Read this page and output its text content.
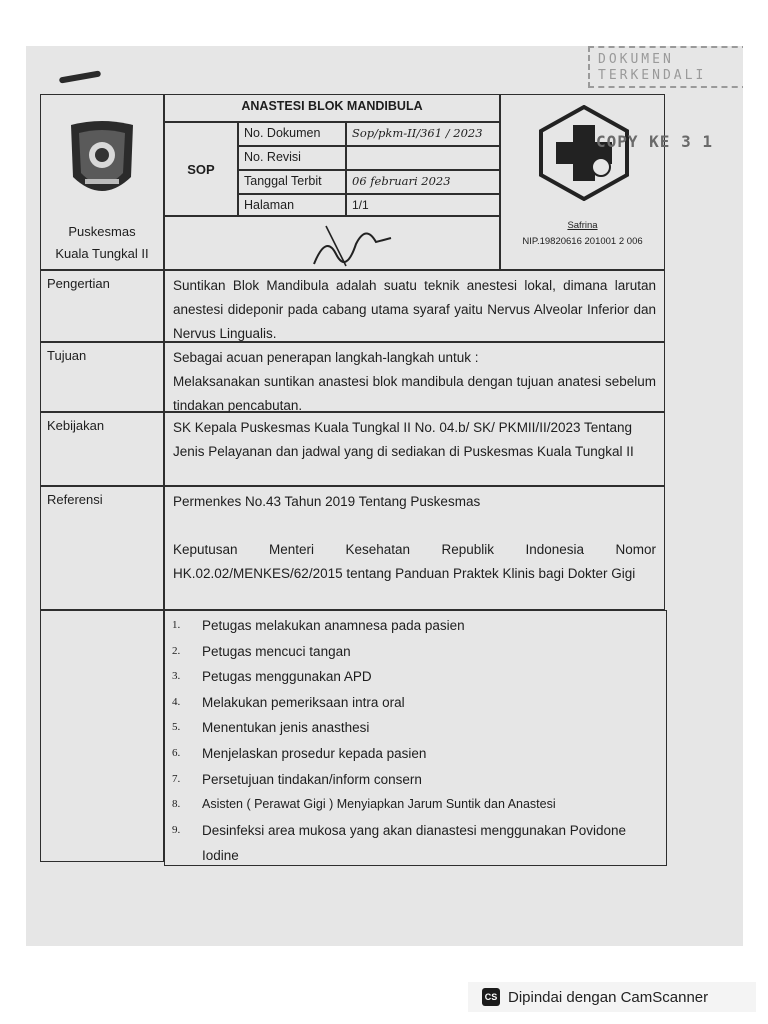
DOKUMEN
TERKENDALI
Puskesmas
Kuala Tungkal II
ANASTESI BLOK MANDIBULA
SOP
No. Dokumen	Sop/pkm-II/361 / 2023
No. Revisi
Tanggal Terbit	06 februari 2023
Halaman	1/1
Safrina
NIP.19820616 201001 2 006
COPY KE 3 1
Pengertian	Suntikan Blok Mandibula adalah suatu teknik anestesi lokal, dimana larutan anestesi dideponir pada cabang utama syaraf yaitu Nervus Alveolar Inferior dan Nervus Lingualis.

Tujuan	Sebagai acuan penerapan langkah-langkah untuk :

Melaksanakan suntikan anastesi blok mandibula dengan tujuan anatesi sebelum tindakan pencabutan.

Kebijakan	SK Kepala Puskesmas Kuala Tungkal II No. 04.b/ SK/ PKMII/II/2023 Tentang Jenis Pelayanan dan jadwal yang di sediakan di Puskesmas Kuala Tungkal II

Referensi	Permenkes No.43 Tahun 2019 Tentang Puskesmas

Keputusan Menteri Kesehatan Republik Indonesia Nomor HK.02.02/MENKES/62/2015 tentang Panduan Praktek Klinis bagi Dokter Gigi

1.	Petugas melakukan anamnesa pada pasien
2.	Petugas mencuci tangan
3.	Petugas menggunakan APD
4.	Melakukan pemeriksaan intra oral
5.	Menentukan jenis anasthesi
6.	Menjelaskan prosedur kepada pasien
7.	Persetujuan tindakan/inform consern
8.	Asisten ( Perawat Gigi ) Menyiapkan Jarum Suntik dan Anastesi
9.	Desinfeksi area mukosa yang akan dianastesi menggunakan Povidone Iodine
CS Dipindai dengan CamScanner
